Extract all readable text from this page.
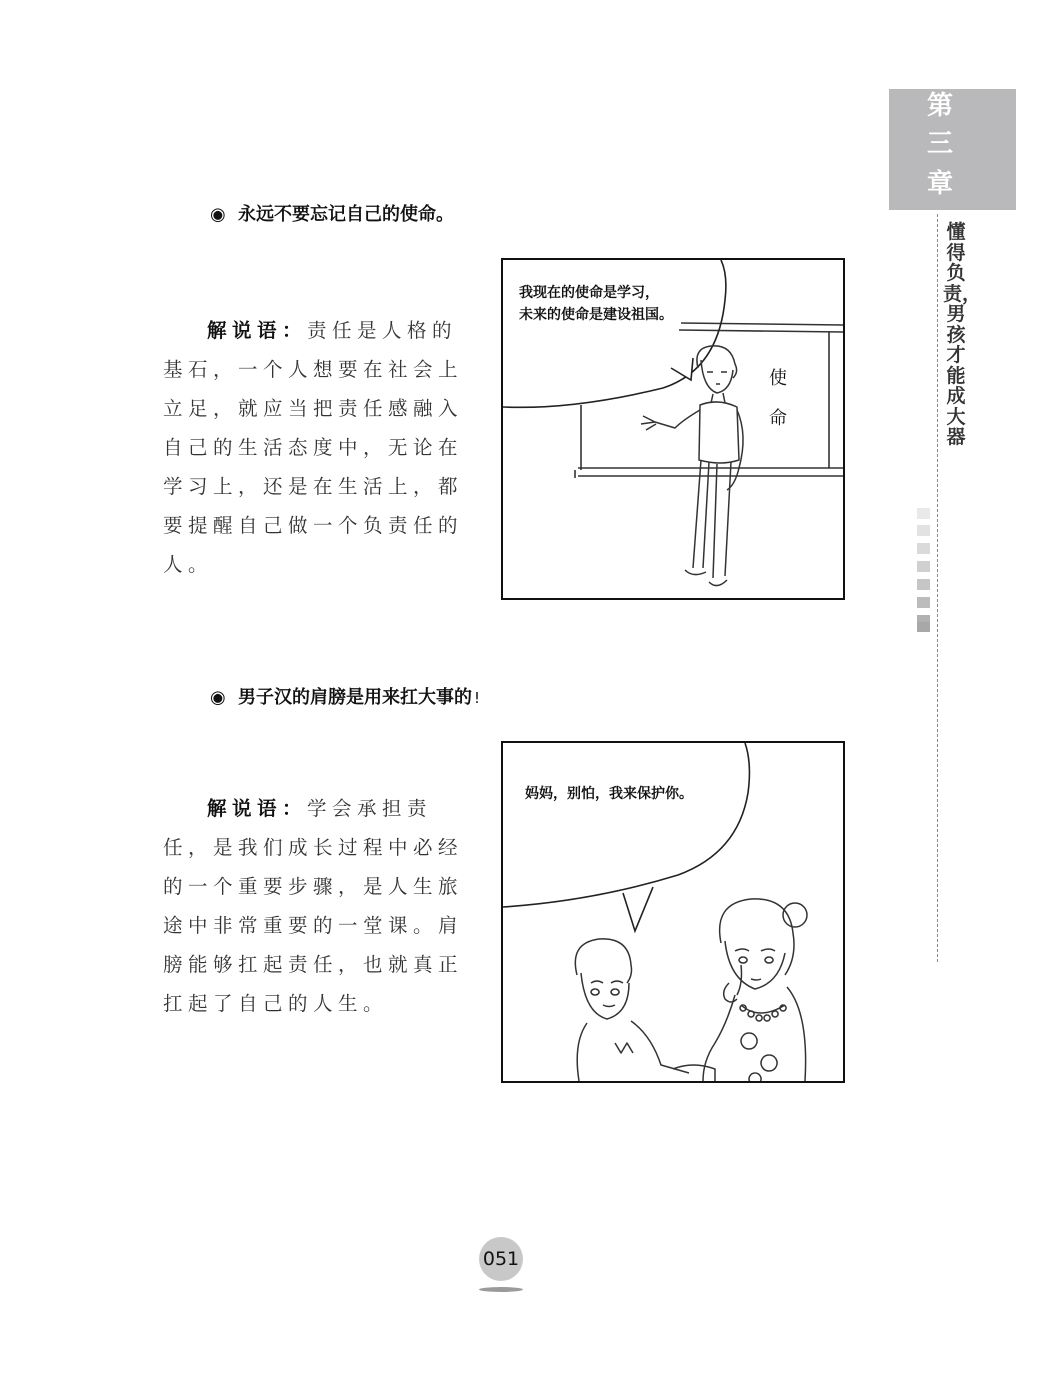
第
三
章
懂得负责，男孩才能成大器
◉ 永远不要忘记自己的使命。
解说语：责任是人格的基石，一个人想要在社会上立足，就应当把责任感融入自己的生活态度中，无论在学习上，还是在生活上，都要提醒自己做一个负责任的人。
我现在的使命是学习，
未来的使命是建设祖国。
使
命
◉ 男子汉的肩膀是用来扛大事的 !
解说语：学会承担责任，是我们成长过程中必经的一个重要步骤，是人生旅途中非常重要的一堂课。肩膀能够扛起责任，也就真正扛起了自己的人生。
妈妈，别怕，我来保护你。
051
